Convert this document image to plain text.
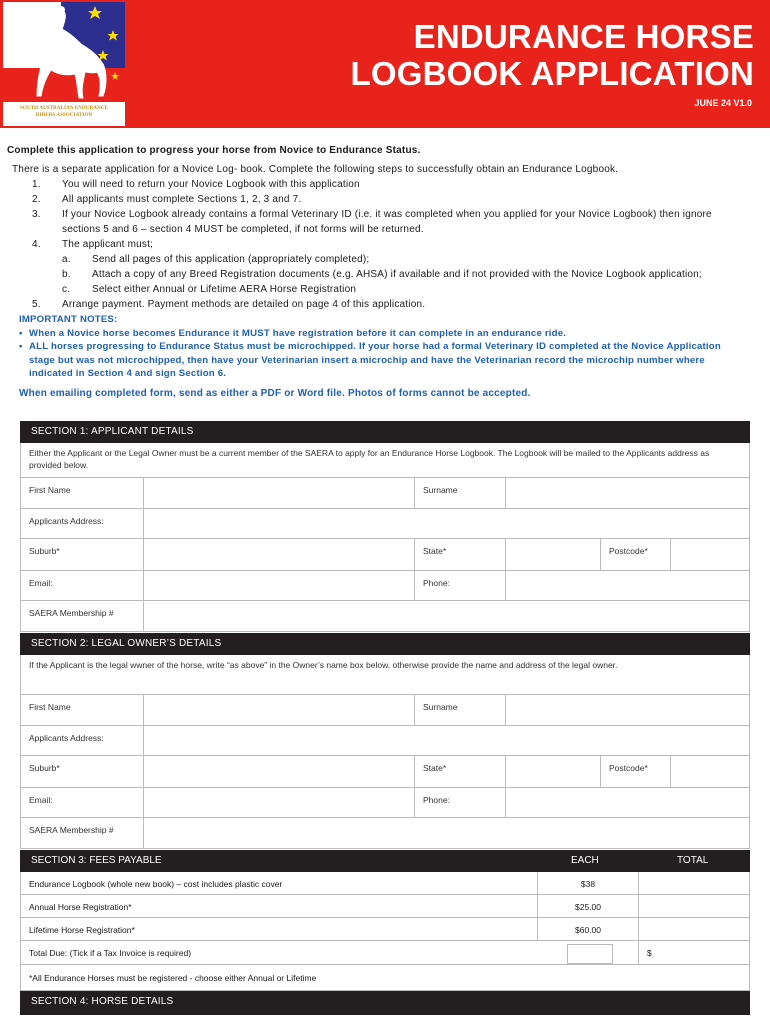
SOUTH AUSTRALIAN ENDURANCE
RIDERS ASSOCIATION
ENDURANCE HORSE
LOGBOOK APPLICATION
JUNE 24 V1.0
Complete this application to progress your horse from Novice to Endurance Status.
There is a separate application for a Novice Log- book. Complete the following steps to successfully obtain an Endurance Logbook.
1. You will need to return your Novice Logbook with this application
2. All applicants must complete Sections 1, 2, 3 and 7.
3. If your Novice Logbook already contains a formal Veterinary ID (i.e. it was completed when you applied for your Novice Logbook) then ignore sections 5 and 6 – section 4 MUST be completed, if not forms will be returned.
4. The applicant must;
a. Send all pages of this application (appropriately completed);
b. Attach a copy of any Breed Registration documents (e.g. AHSA) if available and if not provided with the Novice Logbook application;
c. Select either Annual or Lifetime AERA Horse Registration
5. Arrange payment. Payment methods are detailed on page 4 of this application.
IMPORTANT NOTES:
• When a Novice horse becomes Endurance it MUST have registration before it can complete in an endurance ride.
• ALL horses progressing to Endurance Status must be microchipped. If your horse had a formal Veterinary ID completed at the Novice Application stage but was not microchipped, then have your Veterinarian insert a microchip and have the Veterinarian record the microchip number where indicated in Section 4 and sign Section 6.
When emailing completed form, send as either a PDF or Word file. Photos of forms cannot be accepted.
SECTION 1: APPLICANT DETAILS
Either the Applicant or the Legal Owner must be a current member of the SAERA to apply for an Endurance Horse Logbook. The Logbook will be mailed to the Applicants address as provided below.
First Name	Surname
Applicants Address:
Suburb*	State*	Postcode*
Email:	Phone:
SAERA Membership #
SECTION 2: LEGAL OWNER’S DETAILS
If the Applicant is the legal wwner of the horse, write “as above” in the Owner’s name box below, otherwise provide the name and address of the legal owner.
First Name	Surname
Applicants Address:
Suburb*	State*	Postcode*
Email:	Phone:
SAERA Membership #
SECTION 3: FEES PAYABLE	EACH	TOTAL
Endurance Logbook (whole new book) – cost includes plastic cover	$38
Annual Horse Registration*	$25.00
Lifetime Horse Registration*	$60.00
Total Due: (Tick if a Tax Invoice is required)	$
*All Endurance Horses must be registered - choose either Annual or Lifetime
SECTION 4: HORSE DETAILS
